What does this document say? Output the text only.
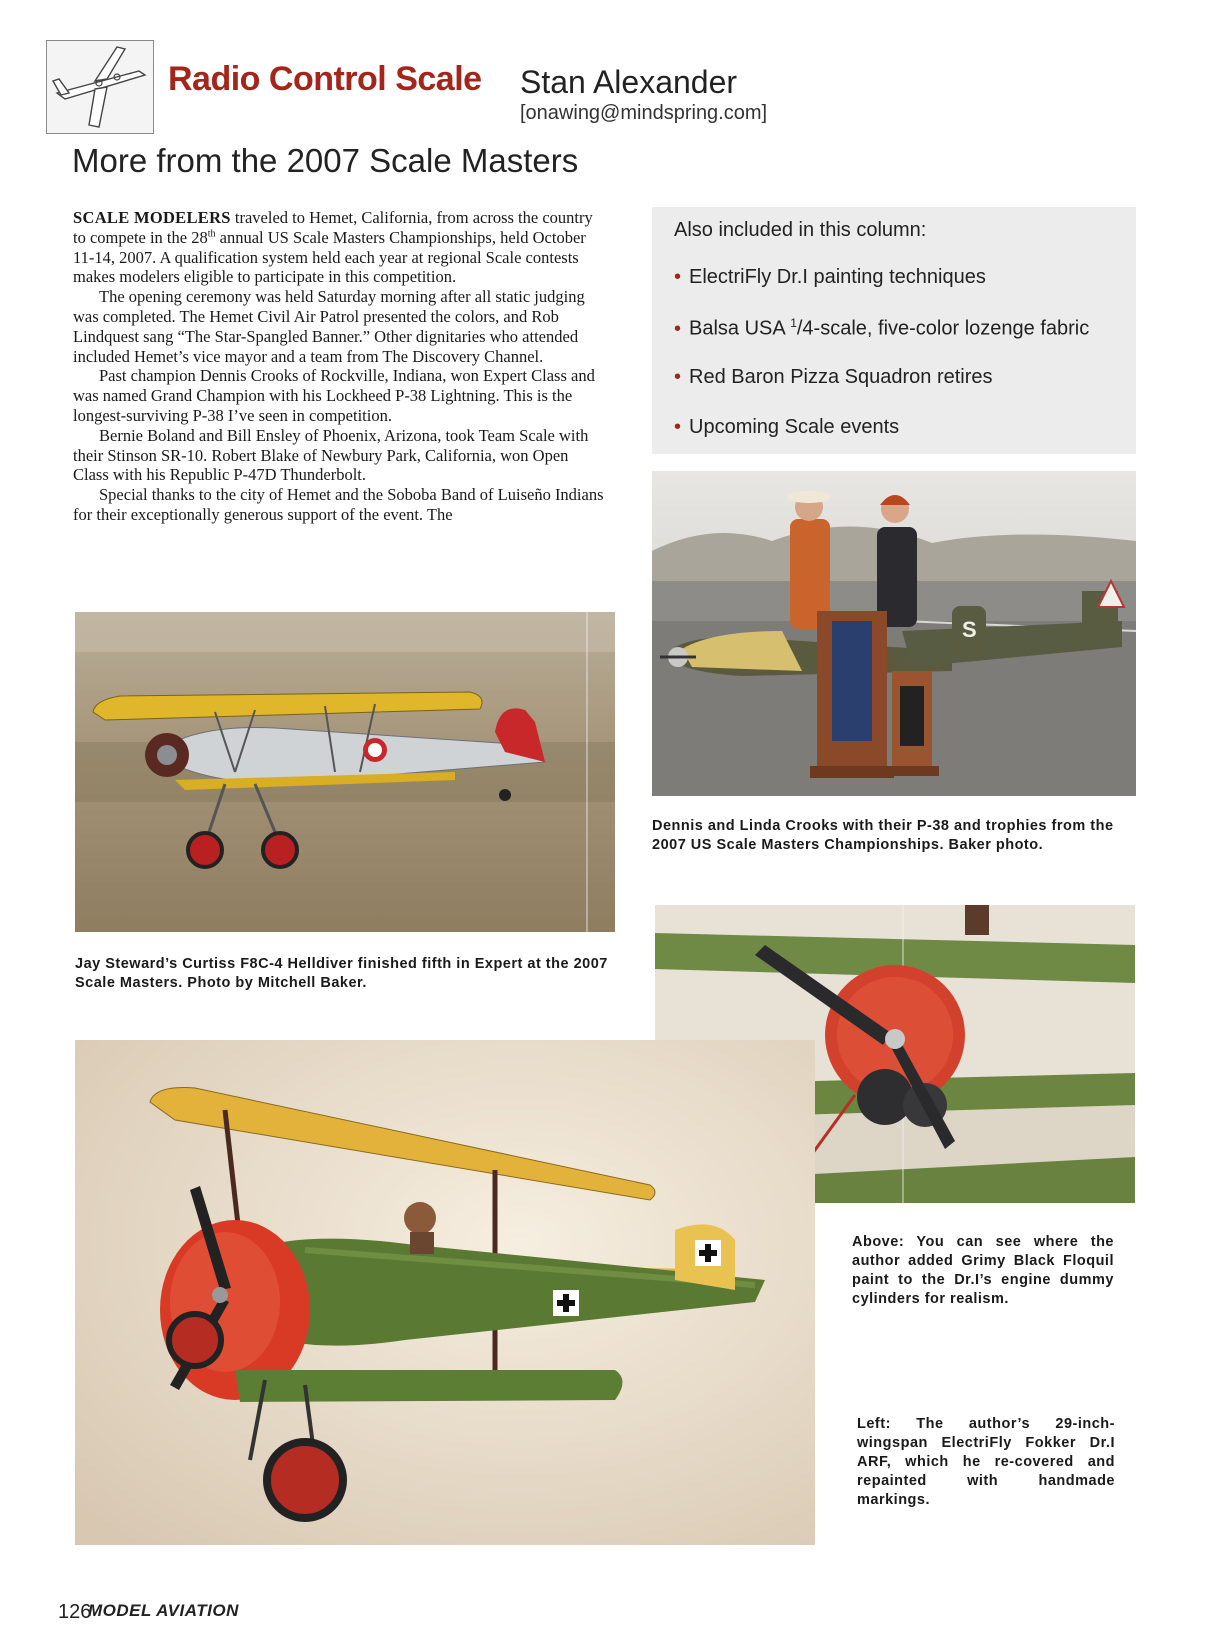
Radio Control Scale Stan Alexander
[onawing@mindspring.com]
More from the 2007 Scale Masters

SCALE MODELERS traveled to Hemet, California, from across the country to compete in the 28th annual US Scale Masters Championships, held October 11-14, 2007. A qualification system held each year at regional Scale contests makes modelers eligible to participate in this competition.

The opening ceremony was held Saturday morning after all static judging was completed. The Hemet Civil Air Patrol presented the colors, and Rob Lindquest sang “The Star-Spangled Banner.” Other dignitaries who attended included Hemet’s vice mayor and a team from The Discovery Channel.

Past champion Dennis Crooks of Rockville, Indiana, won Expert Class and was named Grand Champion with his Lockheed P-38 Lightning. This is the longest-surviving P-38 I’ve seen in competition.

Bernie Boland and Bill Ensley of Phoenix, Arizona, took Team Scale with their Stinson SR-10. Robert Blake of Newbury Park, California, won Open Class with his Republic P-47D Thunderbolt.

Special thanks to the city of Hemet and the Soboba Band of Luiseño Indians for their exceptionally generous support of the event. The

Also included in this column:
• ElectriFly Dr.I painting techniques
• Balsa USA $^1$/4-scale, five-color lozenge fabric
• Red Baron Pizza Squadron retires
• Upcoming Scale events
S
Jay Steward’s Curtiss F8C-4 Helldiver finished fifth in Expert at the 2007 Scale Masters. Photo by Mitchell Baker.
Dennis and Linda Crooks with their P-38 and trophies from the 2007 US Scale Masters Championships. Baker photo.
Above: You can see where the author added Grimy Black Floquil paint to the Dr.I’s engine dummy cylinders for realism.
Left: The author’s 29-inch-wingspan ElectriFly Fokker Dr.I ARF, which he re-covered and repainted with handmade markings.
126
MODEL AVIATION
